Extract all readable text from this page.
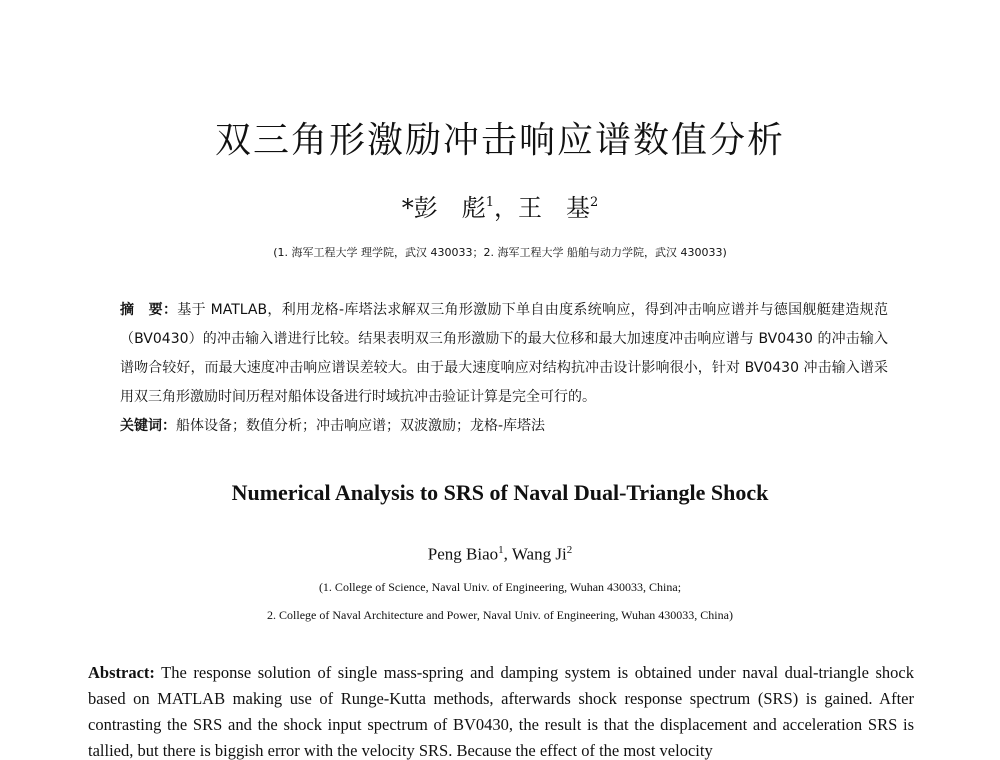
双三角形激励冲击响应谱数值分析
*彭　彪$^1$，王　基$^2$
(1. 海军工程大学 理学院，武汉 430033；2. 海军工程大学 船舶与动力学院，武汉 430033)
摘　要：基于 MATLAB，利用龙格-库塔法求解双三角形激励下单自由度系统响应，得到冲击响应谱并与德国舰艇建造规范（BV0430）的冲击输入谱进行比较。结果表明双三角形激励下的最大位移和最大加速度冲击响应谱与 BV0430 的冲击输入谱吻合较好，而最大速度冲击响应谱误差较大。由于最大速度响应对结构抗冲击设计影响很小，针对 BV0430 冲击输入谱采用双三角形激励时间历程对船体设备进行时域抗冲击验证计算是完全可行的。
关键词：船体设备；数值分析；冲击响应谱；双波激励；龙格-库塔法
Numerical Analysis to SRS of Naval Dual-Triangle Shock
Peng Biao$^1$, Wang Ji$^2$
(1. College of Science, Naval Univ. of Engineering, Wuhan 430033, China;
2. College of Naval Architecture and Power, Naval Univ. of Engineering, Wuhan 430033, China)
Abstract: The response solution of single mass-spring and damping system is obtained under naval dual-triangle shock based on MATLAB making use of Runge-Kutta methods, afterwards shock response spectrum (SRS) is gained. After contrasting the SRS and the shock input spectrum of BV0430, the result is that the displacement and acceleration SRS is tallied, but there is biggish error with the velocity SRS. Because the effect of the most velocity
